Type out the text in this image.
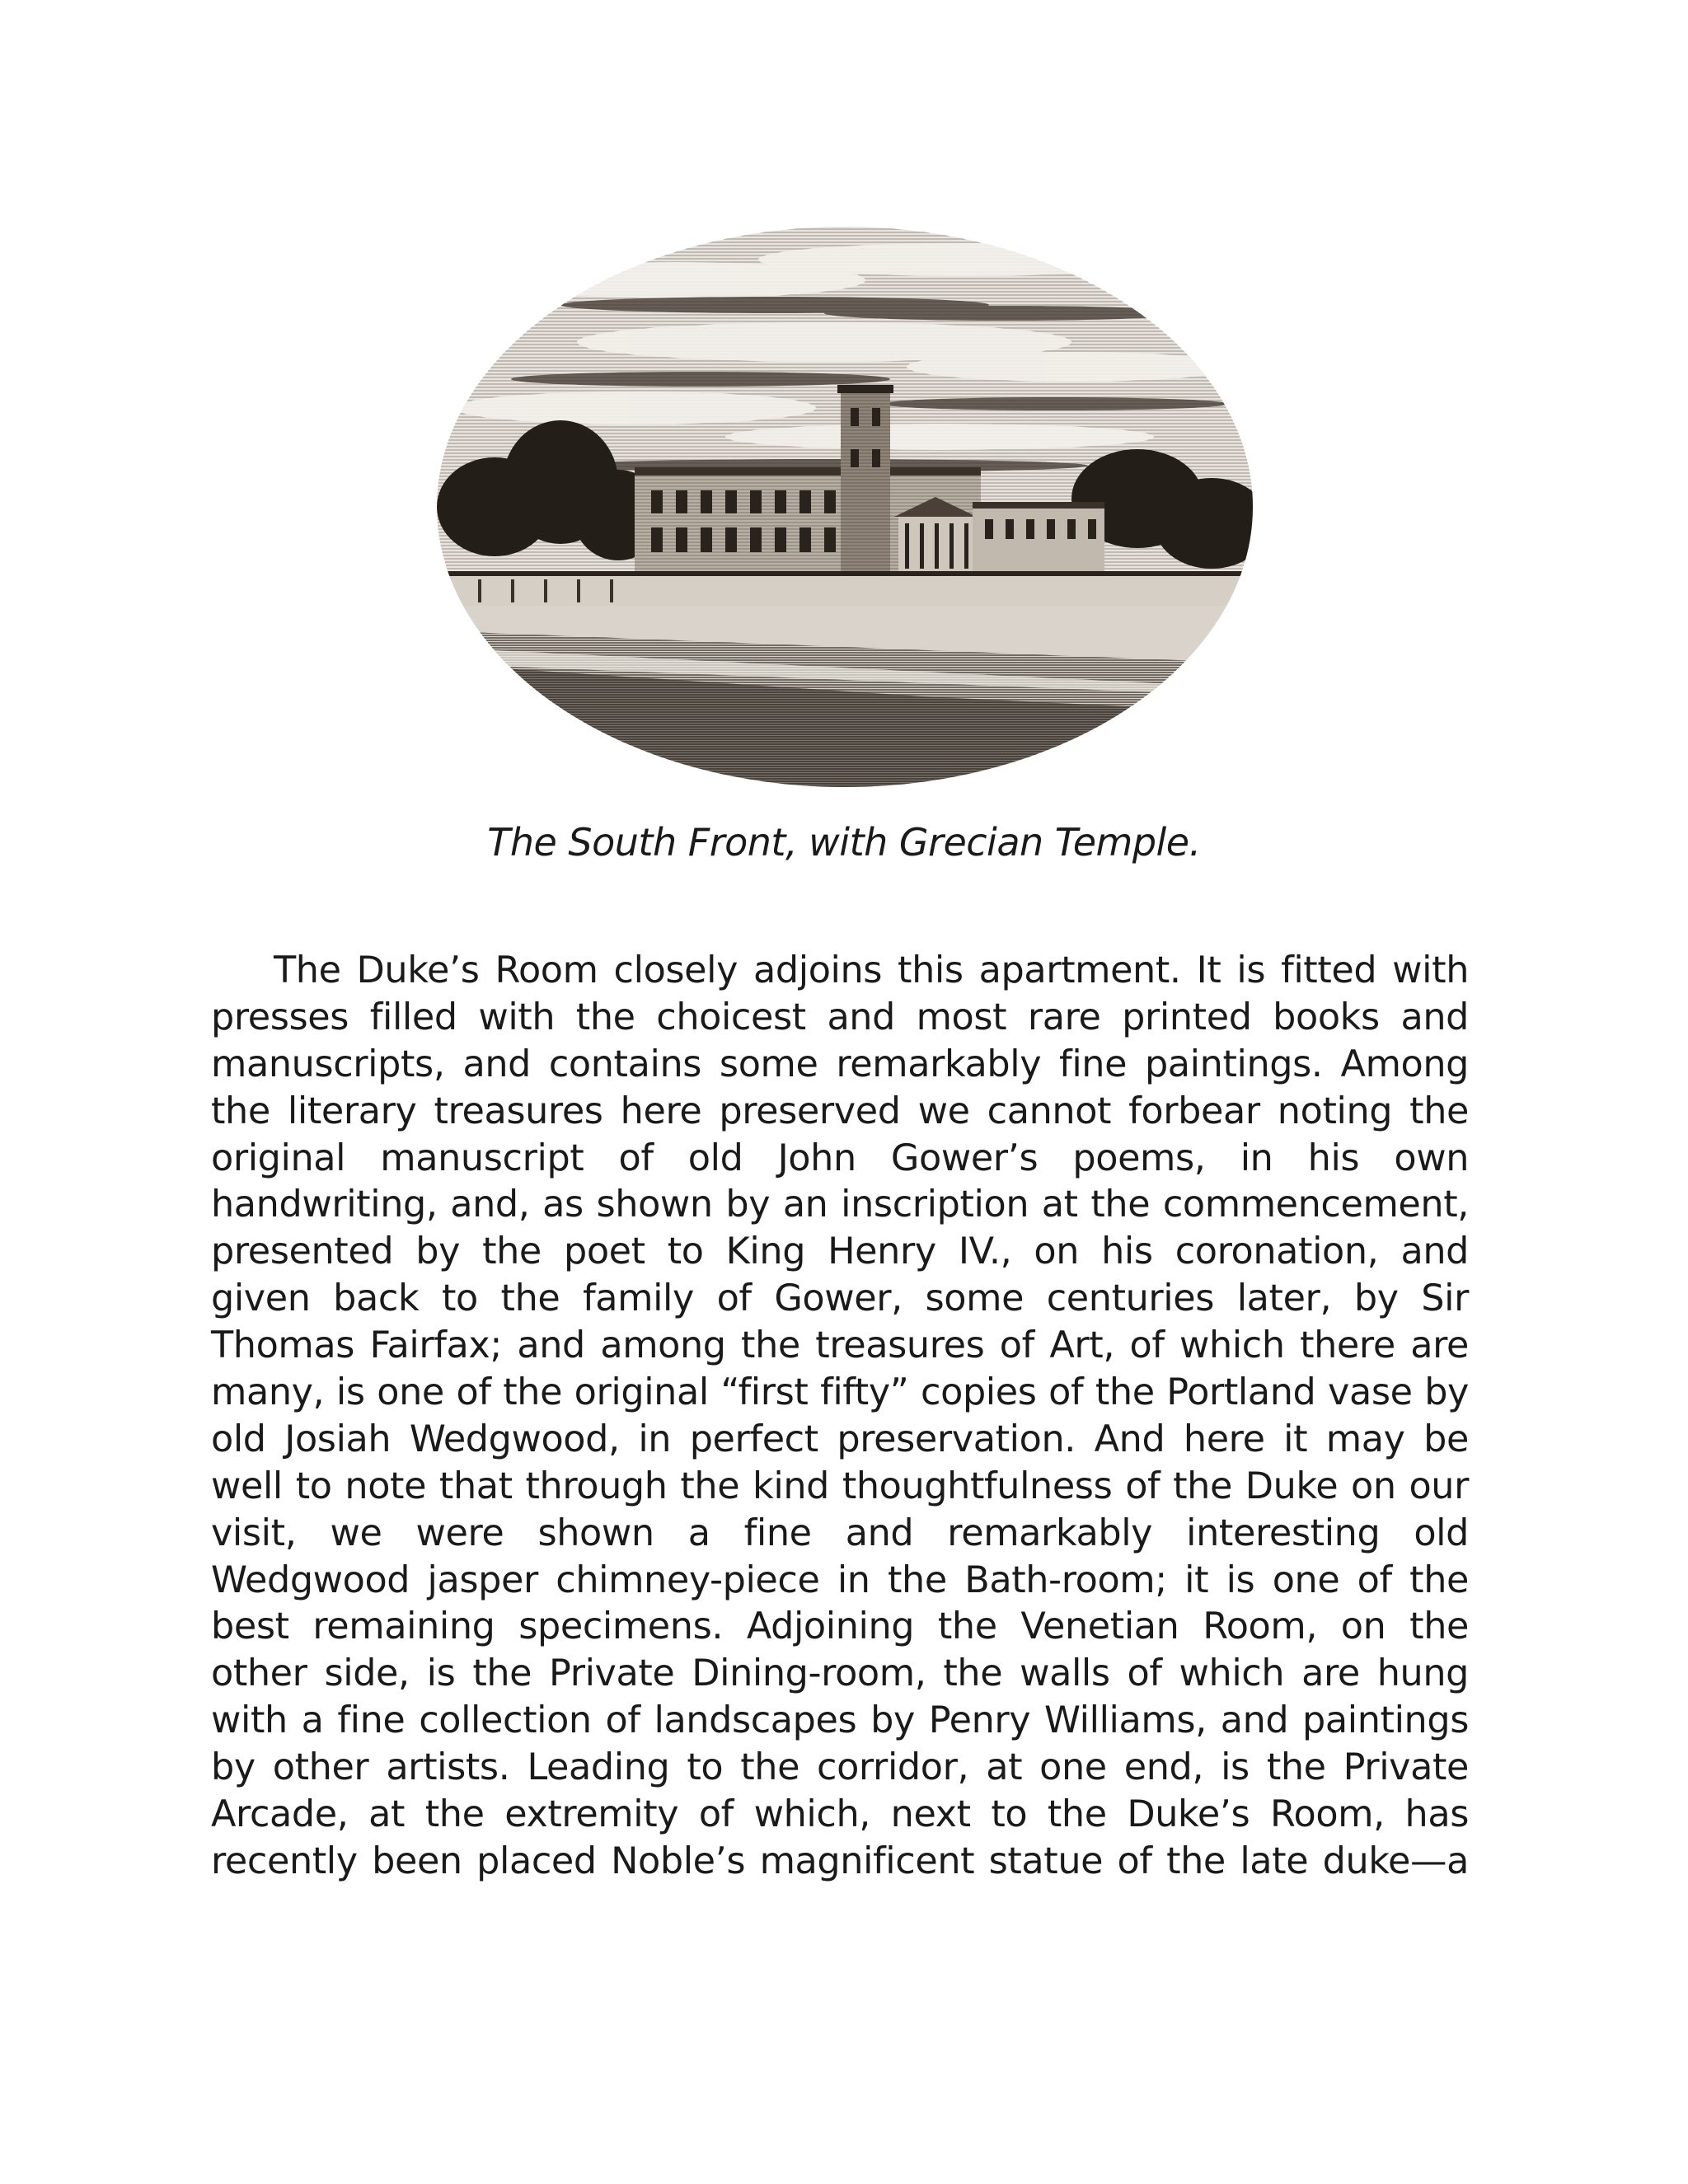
The South Front, with Grecian Temple.
The Duke’s Room closely adjoins this apartment. It is fitted with
presses filled with the choicest and most rare printed books and
manuscripts, and contains some remarkably fine paintings. Among
the literary treasures here preserved we cannot forbear noting the
original manuscript of old John Gower’s poems, in his own
handwriting, and, as shown by an inscription at the commencement,
presented by the poet to King Henry IV., on his coronation, and
given back to the family of Gower, some centuries later, by Sir
Thomas Fairfax; and among the treasures of Art, of which there are
many, is one of the original “first fifty” copies of the Portland vase by
old Josiah Wedgwood, in perfect preservation. And here it may be
well to note that through the kind thoughtfulness of the Duke on our
visit, we were shown a fine and remarkably interesting old
Wedgwood jasper chimney-piece in the Bath-room; it is one of the
best remaining specimens. Adjoining the Venetian Room, on the
other side, is the Private Dining-room, the walls of which are hung
with a fine collection of landscapes by Penry Williams, and paintings
by other artists. Leading to the corridor, at one end, is the Private
Arcade, at the extremity of which, next to the Duke’s Room, has
recently been placed Noble’s magnificent statue of the late duke—a
